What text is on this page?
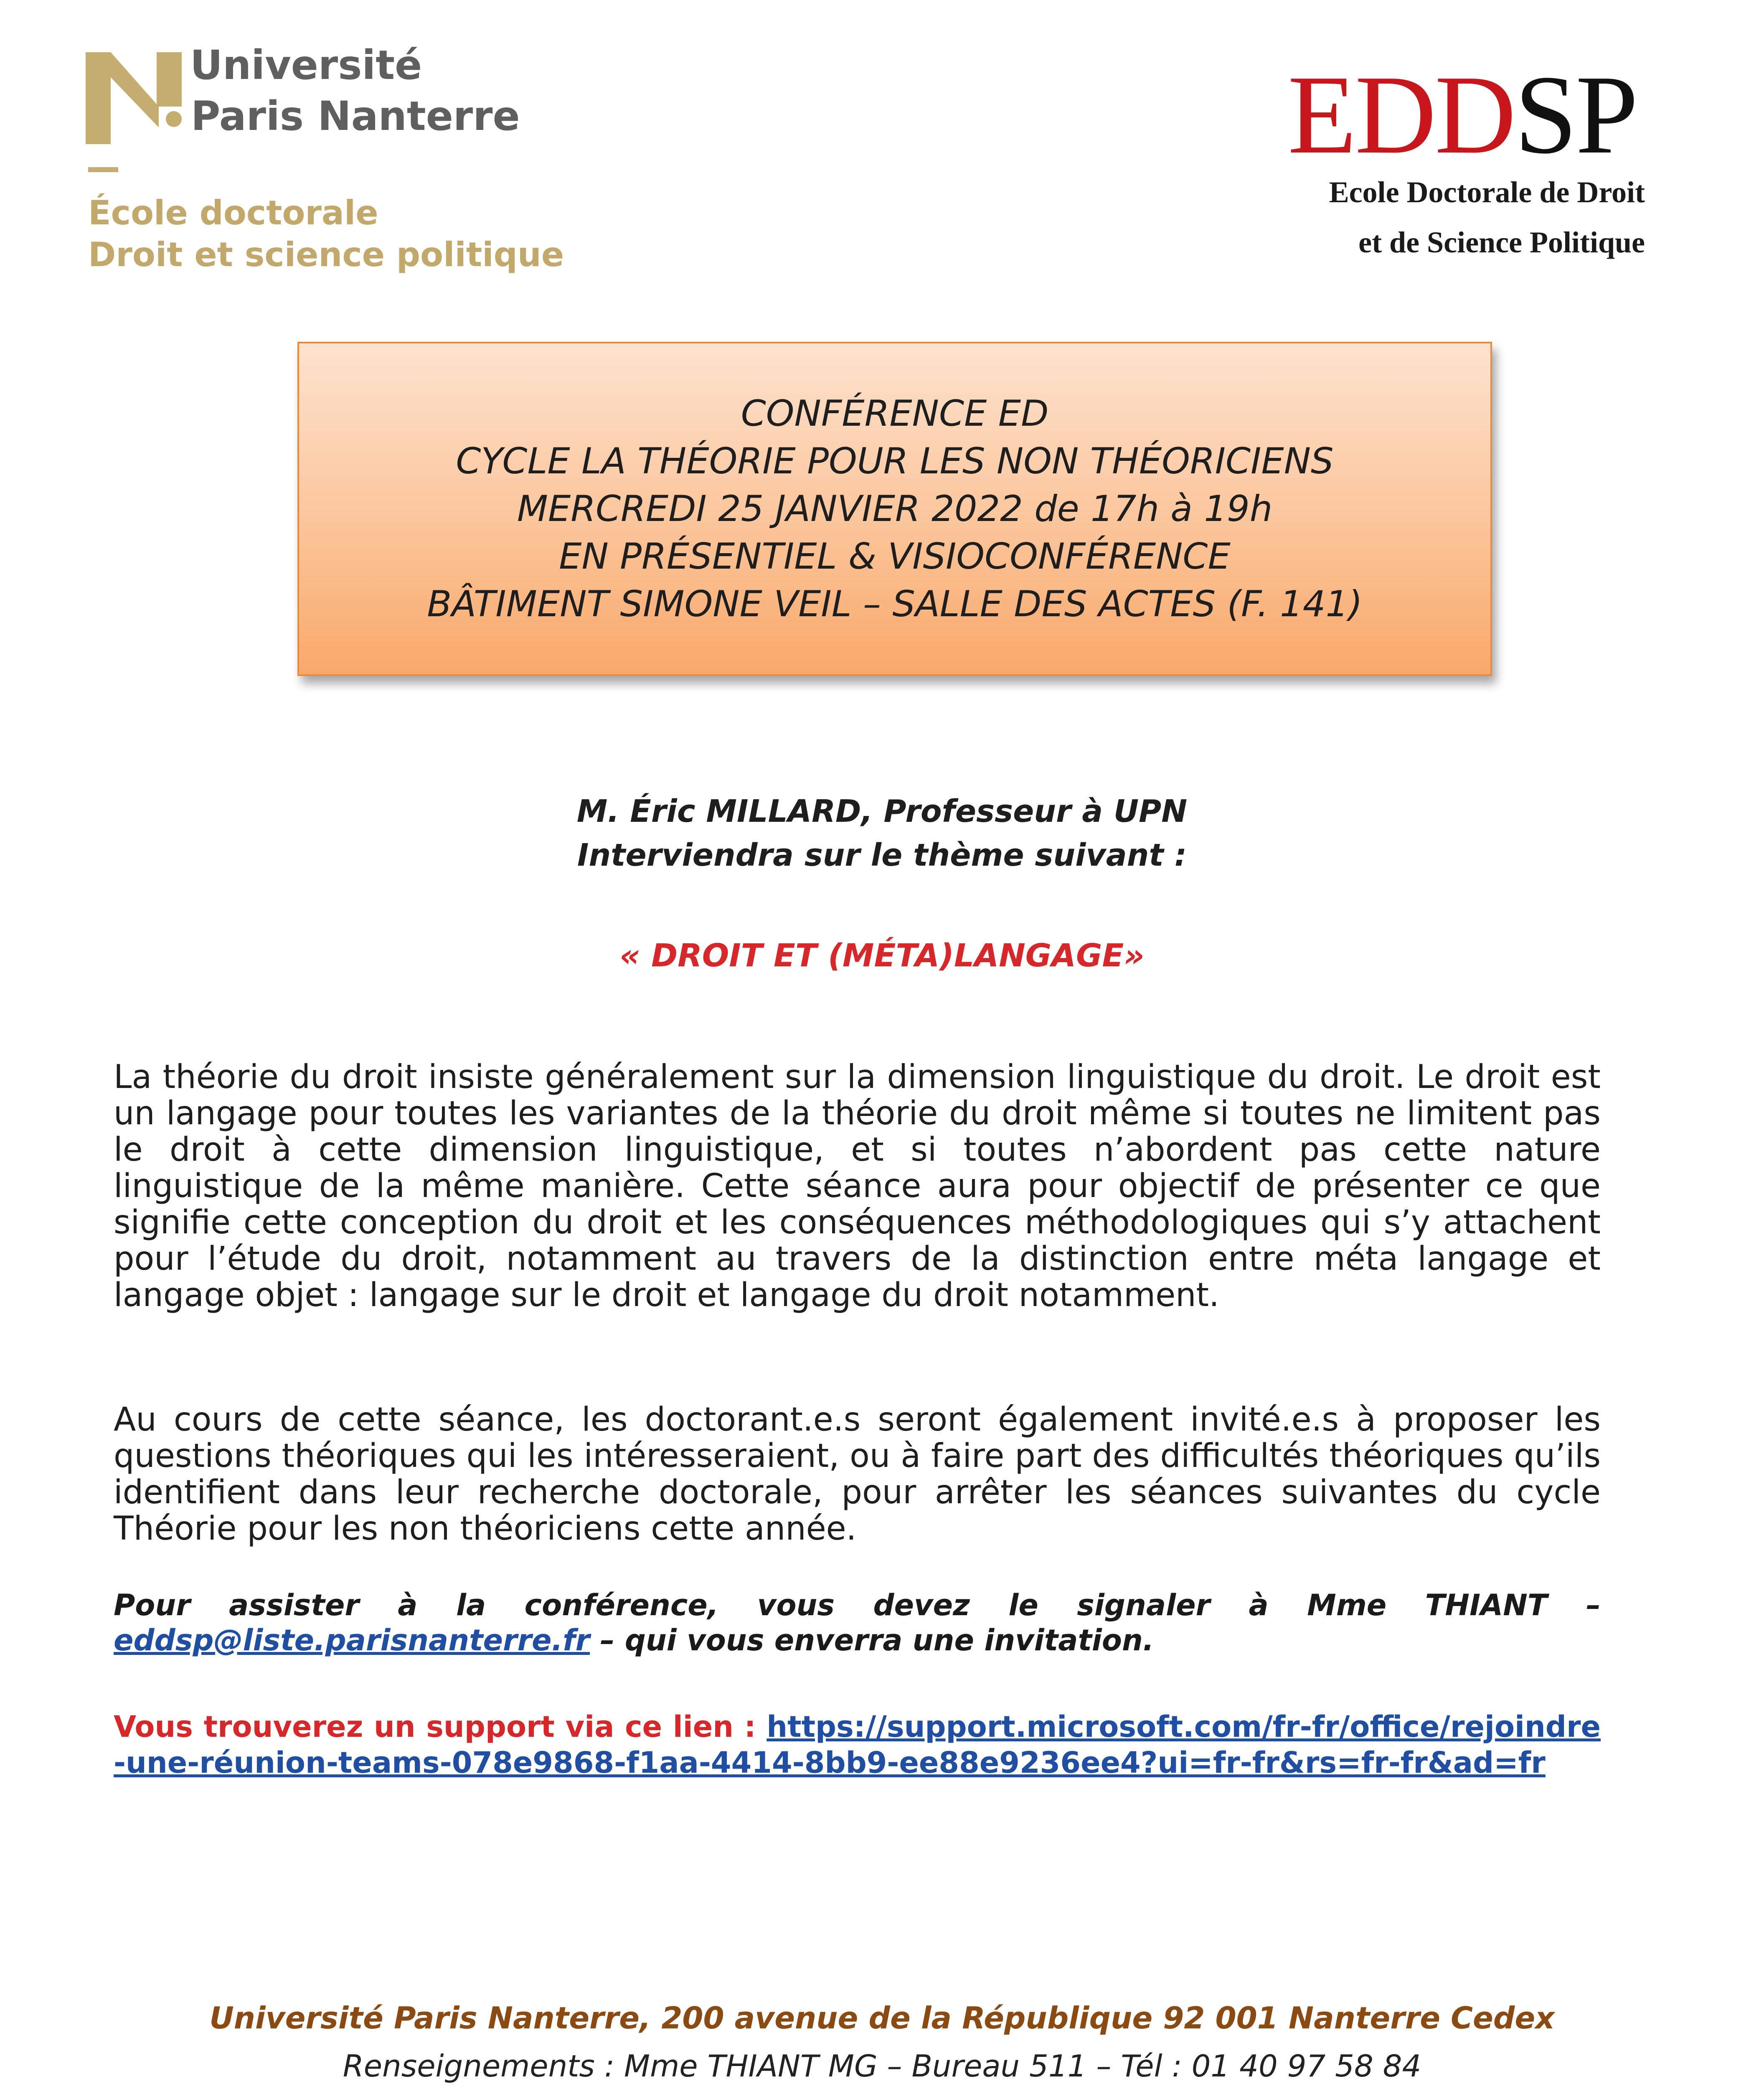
Université
Paris Nanterre
École doctorale
Droit et science politique
EDDSP
Ecole Doctorale de Droit
et de Science Politique
CONFÉRENCE ED
CYCLE LA THÉORIE POUR LES NON THÉORICIENS
MERCREDI 25 JANVIER 2022 de 17h à 19h
EN PRÉSENTIEL & VISIOCONFÉRENCE
BÂTIMENT SIMONE VEIL – SALLE DES ACTES (F. 141)
M. Éric MILLARD, Professeur à UPN
Interviendra sur le thème suivant :
« DROIT ET (MÉTA)LANGAGE»
La théorie du droit insiste généralement sur la dimension linguistique du droit. Le droit est un langage pour toutes les variantes de la théorie du droit même si toutes ne limitent pas le droit à cette dimension linguistique, et si toutes n’abordent pas cette nature linguistique de la même manière. Cette séance aura pour objectif de présenter ce que signifie cette conception du droit et les conséquences méthodologiques qui s’y attachent pour l’étude du droit, notamment au travers de la distinction entre méta langage et langage objet : langage sur le droit et langage du droit notamment.
Au cours de cette séance, les doctorant.e.s seront également invité.e.s à proposer les questions théoriques qui les intéresseraient, ou à faire part des difficultés théoriques qu’ils identifient dans leur recherche doctorale, pour arrêter les séances suivantes du cycle Théorie pour les non théoriciens cette année.
Pour assister à la conférence, vous devez le signaler à Mme THIANT – eddsp@liste.parisnanterre.fr – qui vous enverra une invitation.
Vous trouverez un support via ce lien : https://support.microsoft.com/fr-fr/office/rejoindre-une-réunion-teams-078e9868-f1aa-4414-8bb9-ee88e9236ee4?ui=fr-fr&rs=fr-fr&ad=fr
Université Paris Nanterre, 200 avenue de la République 92 001 Nanterre Cedex
Renseignements : Mme THIANT MG – Bureau 511 – Tél : 01 40 97 58 84
